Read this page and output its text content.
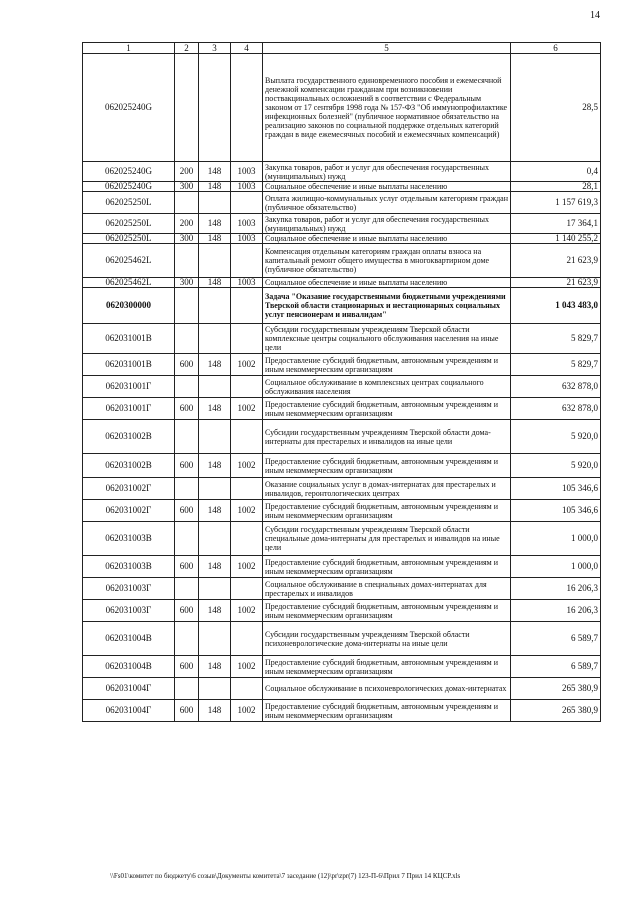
14
1	2	3	4	5	6
062025240G				Выплата государственного единовременного пособия и ежемесячной денежной компенсации гражданам при возникновении поствакцинальных осложнений в соответствии с Федеральным законом от 17 сентября 1998 года № 157-ФЗ "Об иммунопрофилактике инфекционных болезней" (публичное нормативное обязательство на реализацию законов по социальной поддержке отдельных категорий граждан в виде ежемесячных пособий и ежемесячных компенсаций)	28,5
062025240G	200	148	1003	Закупка товаров, работ и услуг для обеспечения государственных (муниципальных) нужд	0,4
062025240G	300	148	1003	Социальное обеспечение и иные выплаты населению	28,1
062025250L				Оплата жилищно-коммунальных услуг отдельным категориям граждан (публичное обязательство)	1 157 619,3
062025250L	200	148	1003	Закупка товаров, работ и услуг для обеспечения государственных (муниципальных) нужд	17 364,1
062025250L	300	148	1003	Социальное обеспечение и иные выплаты населению	1 140 255,2
062025462L				Компенсация отдельным категориям граждан оплаты взноса на капитальный ремонт общего имущества в многоквартирном доме (публичное обязательство)	21 623,9
062025462L	300	148	1003	Социальное обеспечение и иные выплаты населению	21 623,9
0620300000				Задача "Оказание государственными бюджетными учреждениями Тверской области стационарных и нестационарных социальных услуг пенсионерам и инвалидам"	1 043 483,0
062031001В				Субсидии государственным учреждениям Тверской области комплексные центры социального обслуживания населения на иные цели	5 829,7
062031001В	600	148	1002	Предоставление субсидий бюджетным, автономным учреждениям и иным некоммерческим организациям	5 829,7
062031001Г				Социальное обслуживание в комплексных центрах социального обслуживания населения	632 878,0
062031001Г	600	148	1002	Предоставление субсидий бюджетным, автономным учреждениям и иным некоммерческим организациям	632 878,0
062031002В				Субсидии государственным учреждениям Тверской области дома-интернаты для престарелых и инвалидов на иные цели	5 920,0
062031002В	600	148	1002	Предоставление субсидий бюджетным, автономным учреждениям и иным некоммерческим организациям	5 920,0
062031002Г				Оказание социальных услуг в домах-интернатах для престарелых и инвалидов, геронтологических центрах	105 346,6
062031002Г	600	148	1002	Предоставление субсидий бюджетным, автономным учреждениям и иным некоммерческим организациям	105 346,6
062031003В				Субсидии государственным учреждениям Тверской области специальные дома-интернаты для престарелых и инвалидов на иные цели	1 000,0
062031003В	600	148	1002	Предоставление субсидий бюджетным, автономным учреждениям и иным некоммерческим организациям	1 000,0
062031003Г				Социальное обслуживание в специальных домах-интернатах для престарелых и инвалидов	16 206,3
062031003Г	600	148	1002	Предоставление субсидий бюджетным, автономным учреждениям и иным некоммерческим организациям	16 206,3
062031004В				Субсидии государственным учреждениям Тверской области психоневрологические дома-интернаты на иные цели	6 589,7
062031004В	600	148	1002	Предоставление субсидий бюджетным, автономным учреждениям и иным некоммерческим организациям	6 589,7
062031004Г				Социальное обслуживание в психоневрологических домах-интернатах	265 380,9
062031004Г	600	148	1002	Предоставление субсидий бюджетным, автономным учреждениям и иным некоммерческим организациям	265 380,9
\\Fs01\комитет по бюджету\6 созыв\Документы комитета\7 заседание (12)\pr\zpr(7) 123-П-6\Прил 7 Прил 14 КЦСР.xls
